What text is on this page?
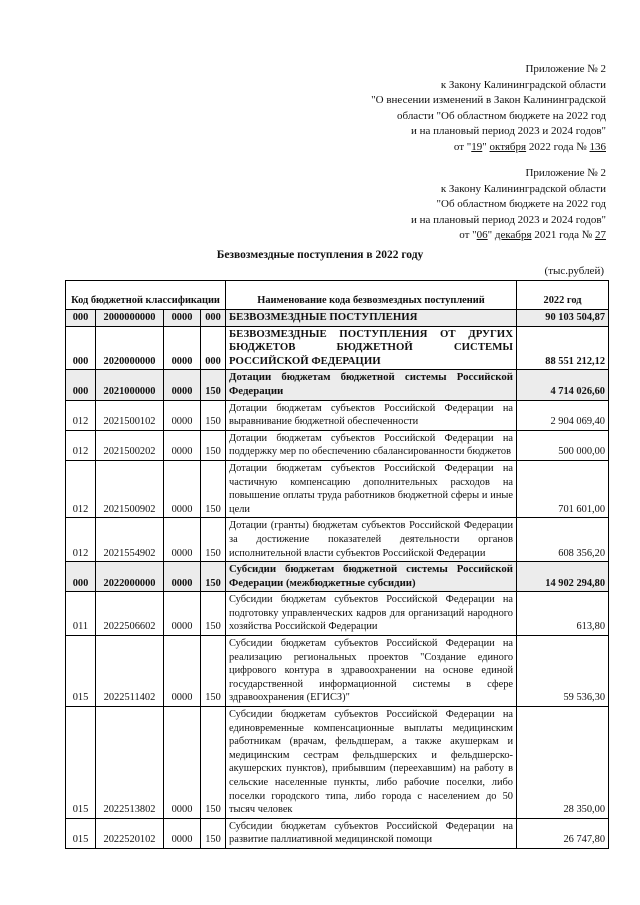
Приложение № 2
к Закону Калининградской области
"О внесении изменений в Закон Калининградской
области "Об областном бюджете на 2022 год
и на плановый период 2023 и 2024 годов"
от "19" октября 2022 года № 136
Приложение № 2
к Закону Калининградской области
"Об областном бюджете на 2022 год
и на плановый период 2023 и 2024 годов"
от "06" декабря 2021 года № 27
Безвозмездные поступления в 2022 году
(тыс.рублей)
Код бюджетной классификации				Наименование кода безвозмездных поступлений	2022 год
000	2000000000	0000	000	БЕЗВОЗМЕЗДНЫЕ ПОСТУПЛЕНИЯ	90 103 504,87
000	2020000000	0000	000	БЕЗВОЗМЕЗДНЫЕ ПОСТУПЛЕНИЯ ОТ ДРУГИХ БЮДЖЕТОВ БЮДЖЕТНОЙ СИСТЕМЫ РОССИЙСКОЙ ФЕДЕРАЦИИ	88 551 212,12
000	2021000000	0000	150	Дотации бюджетам бюджетной системы Российской Федерации	4 714 026,60
012	2021500102	0000	150	Дотации бюджетам субъектов Российской Федерации на выравнивание бюджетной обеспеченности	2 904 069,40
012	2021500202	0000	150	Дотации бюджетам субъектов Российской Федерации на поддержку мер по обеспечению сбалансированности бюджетов	500 000,00
012	2021500902	0000	150	Дотации бюджетам субъектов Российской Федерации на частичную компенсацию дополнительных расходов на повышение оплаты труда работников бюджетной сферы и иные цели	701 601,00
012	2021554902	0000	150	Дотации (гранты) бюджетам субъектов Российской Федерации за достижение показателей деятельности органов исполнительной власти субъектов Российской Федерации	608 356,20
000	2022000000	0000	150	Субсидии бюджетам бюджетной системы Российской Федерации (межбюджетные субсидии)	14 902 294,80
011	2022506602	0000	150	Субсидии бюджетам субъектов Российской Федерации на подготовку управленческих кадров для организаций народного хозяйства Российской Федерации	613,80
015	2022511402	0000	150	Субсидии бюджетам субъектов Российской Федерации на реализацию региональных проектов "Создание единого цифрового контура в здравоохранении на основе единой государственной информационной системы в сфере здравоохранения (ЕГИСЗ)"	59 536,30
015	2022513802	0000	150	Субсидии бюджетам субъектов Российской Федерации на единовременные компенсационные выплаты медицинским работникам (врачам, фельдшерам, а также акушеркам и медицинским сестрам фельдшерских и фельдшерско-акушерских пунктов), прибывшим (переехавшим) на работу в сельские населенные пункты, либо рабочие поселки, либо поселки городского типа, либо города с населением до 50 тысяч человек	28 350,00
015	2022520102	0000	150	Субсидии бюджетам субъектов Российской Федерации на развитие паллиативной медицинской помощи	26 747,80
